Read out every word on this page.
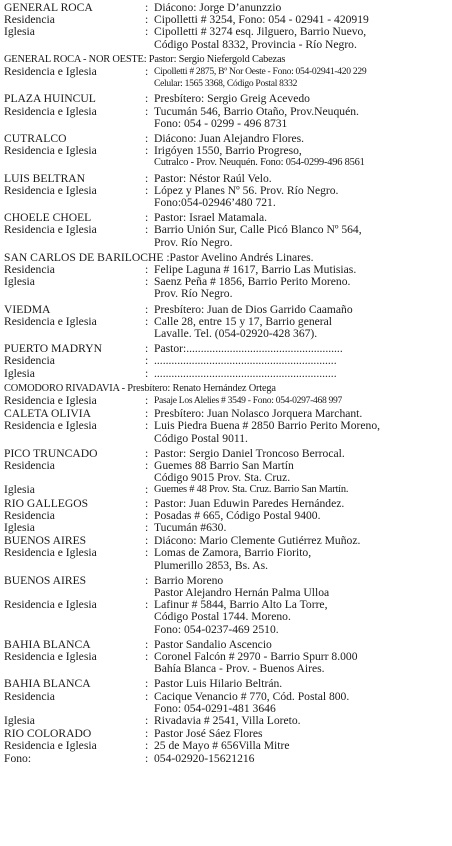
GENERAL ROCA	: Diácono: Jorge D’anunzzio
Residencia	: Cipolletti # 3254, Fono: 054 - 02941 - 420919
Iglesia	: Cipolletti # 3274 esq. Jilguero, Barrio Nuevo,
Código Postal 8332, Provincia - Río Negro.
GENERAL ROCA - NOR OESTE: Pastor: Sergio Niefergold Cabezas
Residencia e Iglesia	: Cipolletti # 2875, Bº Nor Oeste - Fono: 054-02941-420 229
Celular: 1565 3368, Código Postal 8332
PLAZA HUINCUL	: Presbítero: Sergio Greig Acevedo
Residencia e Iglesia	: Tucumán 546, Barrio Otaño, Prov.Neuquén.
Fono: 054 - 0299 - 496 8731
CUTRALCO	: Diácono: Juan Alejandro Flores.
Residencia e Iglesia	: Irigóyen 1550, Barrio Progreso,
Cutralco - Prov. Neuquén. Fono: 054-0299-496 8561
LUIS BELTRAN	: Pastor: Néstor Raúl Velo.
Residencia e Iglesia	: López y Planes Nº 56. Prov. Río Negro.
Fono:054-02946’480 721.
CHOELE CHOEL	: Pastor: Israel Matamala.
Residencia e Iglesia	: Barrio Unión Sur, Calle Picó Blanco Nº 564,
Prov. Río Negro.
SAN CARLOS DE BARILOCHE :Pastor Avelino Andrés Linares.
Residencia	: Felipe Laguna # 1617, Barrio Las Mutisias.
Iglesia	: Saenz Peña # 1856, Barrio Perito Moreno.
Prov. Río Negro.
VIEDMA	: Presbítero: Juan de Dios Garrido Caamaño
Residencia e Iglesia	: Calle 28, entre 15 y 17, Barrio general
Lavalle. Tel. (054-02920-428 367).
PUERTO MADRYN	: Pastor:......................................................
Residencia	: ...............................................................
Iglesia	: ...............................................................
COMODORO RIVADAVIA - Presbítero: Renato Hernández Ortega
Residencia e Iglesia	: Pasaje Los Alelies # 3549 - Fono: 054-0297-468 997
CALETA OLIVIA	: Presbítero: Juan Nolasco Jorquera Marchant.
Residencia e Iglesia	: Luis Piedra Buena # 2850 Barrio Perito Moreno,
Código Postal 9011.
PICO TRUNCADO	: Pastor: Sergio Daniel Troncoso Berrocal.
Residencia	: Guemes 88 Barrio San Martín
Código 9015 Prov. Sta. Cruz.
Iglesia	: Guemes # 48 Prov. Sta. Cruz. Barrio San Martín.
RIO GALLEGOS	: Pastor: Juan Eduwin Paredes Hernández.
Residencia	: Posadas # 665, Código Postal 9400.
Iglesia	: Tucumán #630.
BUENOS AIRES	: Diácono: Mario Clemente Gutiérrez Muñoz.
Residencia e Iglesia	: Lomas de Zamora, Barrio Fiorito,
Plumerillo 2853, Bs. As.
BUENOS AIRES	: Barrio Moreno
Pastor Alejandro Hernán Palma Ulloa
Residencia e Iglesia	: Lafinur # 5844, Barrio Alto La Torre,
Código Postal 1744. Moreno.
Fono: 054-0237-469 2510.
BAHIA BLANCA	: Pastor Sandalio Ascencio
Residencia e Iglesia	: Coronel Falcón # 2970 - Barrio Spurr 8.000
Bahía Blanca - Prov. - Buenos Aires.
BAHIA BLANCA	: Pastor Luis Hilario Beltrán.
Residencia	: Cacique Venancio # 770, Cód. Postal 800.
Fono: 054-0291-481 3646
Iglesia	: Rivadavia # 2541, Villa Loreto.
RIO COLORADO	: Pastor José Sáez Flores
Residencia e Iglesia	: 25 de Mayo # 656Villa Mitre
Fono:	: 054-02920-15621216
